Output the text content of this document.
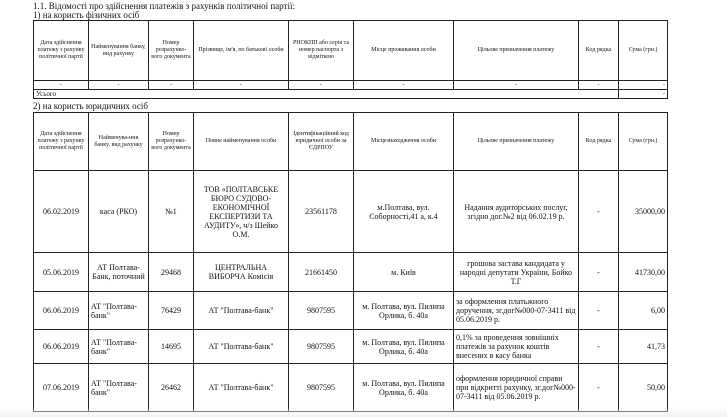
1.1. Відомості про здійснення платежів з рахунків політичної партії:
1) на користь фізичних осіб
Дата здійснення платежу з рахунку політичної партії	Найменування банку, вид рахунку	Номер розрахунко-вого документа	Прізвище, ім'я, по батькові особи	РНОКПП або серія та номер паспорта з відміткою	Місце проживання особи	Цільове призначення платежу	Код рядка	Сума (грн.)
-	-	-	-	-	-	-	-	-
Усього								-
2) на користь юридичних осіб
Дата здійснення платежу з рахунку політичної партії	Найменува-ння банку, вид рахунку	Номер розрахунко-вого документа	Повне найменування особи	Ідентифікаційний код юридичної особи за ЄДРПОУ	Місцезнаходження особи	Цільове призначення платежу	Код рядка	Сума (грн.)
06.02.2019	каса (РКО)	№1	ТОВ «ПОЛТАВСЬКЕ БЮРО СУДОВО-ЕКОНОМІЧНОЇ ЕКСПЕРТИЗИ ТА АУДИТУ», ч/з Шейко О.М.	23561178	м.Полтава, вул. Соборності,41 а, к.4	Надання аудиторських послуг, згідно дог.№2 від 06.02.19 р.	-	35000,00
05.06.2019	АТ Полтава-Банк, поточний	29468	ЦЕНТРАЛЬНА ВИБОРЧА Комісія	21661450	м. Київ	грошова застава кандидата у народні депутати України, Бойко Т.Г	-	41730,00
06.06.2019	АТ "Полтава-банк"	76429	АТ "Полтава-банк"	9807595	м. Полтава, вул. Пилипа Орлика, б. 40а	за оформлення платьжного доручення, зг.дог№000-07-3411 від 05.06.2019 р.	-	6,00
06.06.2019	АТ "Полтава-банк"	14695	АТ "Полтава-банк"	9807595	м. Полтава, вул. Пилипа Орлика, б. 40а	0,1% за проведення зовнішніх платежів за рахунок коштів внесених в касу банка	-	41,73
07.06.2019	АТ "Полтава-банк"	26462	АТ "Полтава-банк"	9807595	м. Полтава, вул. Пилипа Орлика, б. 40а	оформлення юридичної справи при відкритті рахунку, зг.дог№000-07-3411 від 05.06.2019 р.	-	50,00
